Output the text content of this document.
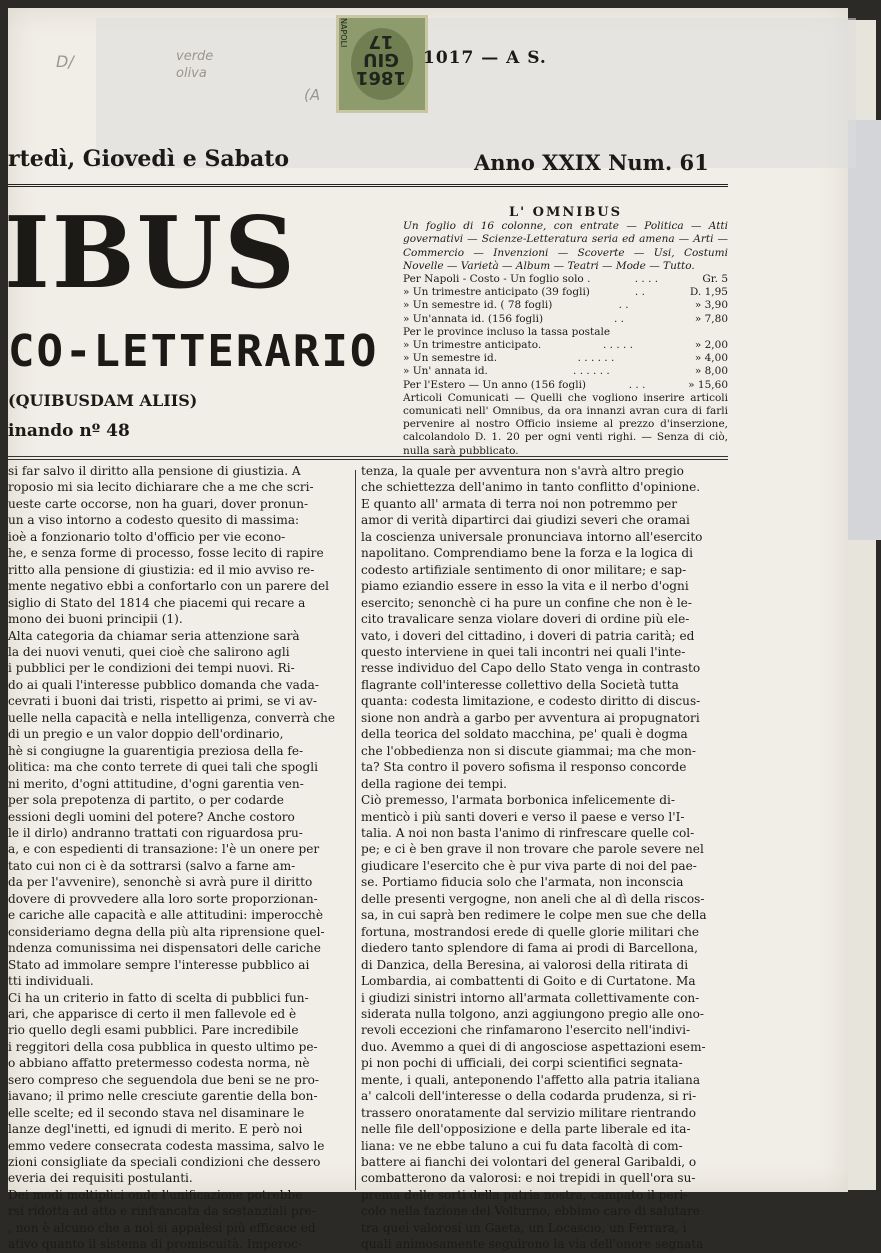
D/	verde oliva
(A
1861
GIU
17
NAPOLI
1017 — A S.
rtedì, Giovedì e Sabato	Anno XXIX Num. 61
IBUS
CO-LETTERARIO
(QUIBUSDAM ALIIS)
inando nº 48
L' OMNIBUS
Un foglio di 16 colonne, con entrate — Politica — Atti governativi — Scienze-Letteratura seria ed amena — Arti — Commercio — Invenzioni — Scoverte — Usi, Costumi Novelle — Varietà — Album — Teatri — Mode — Tutto.
Per Napoli - Costo - Un foglio solo .	. . . .	Gr. 5
» Un trimestre anticipato (39 fogli)	. .	D. 1,95
» Un semestre id. ( 78 fogli)	. .	» 3,90
» Un'annata id. (156 fogli)	. .	» 7,80
Per le province incluso la tassa postale
» Un trimestre anticipato.	. . . . .	» 2,00
» Un semestre id.	. . . . . .	» 4,00
» Un' annata id.	. . . . . .	» 8,00
Per l'Estero — Un anno (156 fogli)	. . .	» 15,60
Articoli Comunicati — Quelli che vogliono inserire articoli comunicati nell' Omnibus, da ora innanzi avran cura di farli pervenire al nostro Officio insieme al prezzo d'inserzione, calcolandolo D. 1. 20 per ogni venti righi. — Senza di ciò, nulla sarà pubblicato.
si far salvo il diritto alla pensione di giustizia. A
roposio mi sia lecito dichiarare che a me che scri-
ueste carte occorse, non ha guari, dover pronun-
un a viso intorno a codesto quesito di massima:
ioè a fonzionario tolto d'officio per vie econo-
he, e senza forme di processo, fosse lecito di rapire
ritto alla pensione di giustizia: ed il mio avviso re-
mente negativo ebbi a confortarlo con un parere del
siglio di Stato del 1814 che piacemi qui recare a
mono dei buoni principii (1).
Alta categoria da chiamar seria attenzione sarà
la dei nuovi venuti, quei cioè che salirono agli
i pubblici per le condizioni dei tempi nuovi. Ri-
do ai quali l'interesse pubblico domanda che vada-
cevrati i buoni dai tristi, rispetto ai primi, se vi av-
uelle nella capacità e nella intelligenza, converrà che
di un pregio e un valor doppio dell'ordinario,
hè si congiugne la guarentigia preziosa della fe-
olitica: ma che conto terrete di quei tali che spogli
ni merito, d'ogni attitudine, d'ogni garentia ven-
per sola prepotenza di partito, o per codarde
essioni degli uomini del potere? Anche costoro
le il dirlo) andranno trattati con riguardosa pru-
a, e con espedienti di transazione: l'è un onere per
tato cui non ci è da sottrarsi (salvo a farne am-
da per l'avvenire), senonchè si avrà pure il diritto
dovere di provvedere alla loro sorte proporzionan-
e cariche alle capacità e alle attitudini: imperocchè
consideriamo degna della più alta riprensione quel-
ndenza comunissima nei dispensatori delle cariche
Stato ad immolare sempre l'interesse pubblico ai
tti individuali.
Ci ha un criterio in fatto di scelta di pubblici fun-
ari, che apparisce di certo il men fallevole ed è
rio quello degli esami pubblici. Pare incredibile
i reggitori della cosa pubblica in questo ultimo pe-
o abbiano affatto pretermesso codesta norma, nè
sero compreso che seguendola due beni se ne pro-
iavano; il primo nelle cresciute garentie della bon-
elle scelte; ed il secondo stava nel disaminare le
lanze degl'inetti, ed ignudi di merito. E però noi
emmo vedere consecrata codesta massima, salvo le
zioni consigliate da speciali condizioni che dessero
everia dei requisiti postulanti.
Dei modi moltiplici onde l'unificazione potrebbe
rsi ridotta ad atto e rinfrancata da sostanziali pre-
, non è alcuno che a noi si appalesi più efficace ed
ativo quanto il sistema di promiscuità. Imperoc-
tenza, la quale per avventura non s'avrà altro pregio
che schiettezza dell'animo in tanto conflitto d'opinione.
E quanto all' armata di terra noi non potremmo per
amor di verità dipartirci dai giudizi severi che oramai
la coscienza universale pronunciava intorno all'esercito
napolitano. Comprendiamo bene la forza e la logica di
codesto artifiziale sentimento di onor militare; e sap-
piamo eziandio essere in esso la vita e il nerbo d'ogni
esercito; senonchè ci ha pure un confine che non è le-
cito travalicare senza violare doveri di ordine più ele-
vato, i doveri del cittadino, i doveri di patria carità; ed
questo interviene in quei tali incontri nei quali l'inte-
resse individuo del Capo dello Stato venga in contrasto
flagrante coll'interesse collettivo della Società tutta
quanta: codesta limitazione, e codesto diritto di discus-
sione non andrà a garbo per avventura ai propugnatori
della teorica del soldato macchina, pe' quali è dogma
che l'obbedienza non si discute giammai; ma che mon-
ta? Sta contro il povero sofisma il responso concorde
della ragione dei tempi.
Ciò premesso, l'armata borbonica infelicemente di-
menticò i più santi doveri e verso il paese e verso l'I-
talia. A noi non basta l'animo di rinfrescare quelle col-
pe; e ci è ben grave il non trovare che parole severe nel
giudicare l'esercito che è pur viva parte di noi del pae-
se. Portiamo fiducia solo che l'armata, non inconscia
delle presenti vergogne, non aneli che al dì della riscos-
sa, in cui saprà ben redimere le colpe men sue che della
fortuna, mostrandosi erede di quelle glorie militari che
diedero tanto splendore di fama ai prodi di Barcellona,
di Danzica, della Beresina, ai valorosi della ritirata di
Lombardia, ai combattenti di Goito e di Curtatone. Ma
i giudizi sinistri intorno all'armata collettivamente con-
siderata nulla tolgono, anzi aggiungono pregio alle ono-
revoli eccezioni che rinfamarono l'esercito nell'indivi-
duo. Avemmo a quei di di angosciose aspettazioni esem-
pi non pochi di ufficiali, dei corpi scientifici segnata-
mente, i quali, anteponendo l'affetto alla patria italiana
a' calcoli dell'interesse o della codarda prudenza, si ri-
trassero onoratamente dal servizio militare rientrando
nelle file dell'opposizione e della parte liberale ed ita-
liana: ve ne ebbe taluno a cui fu data facoltà di com-
battere ai fianchi dei volontari del general Garibaldi, o
combatterono da valorosi: e noi trepidi in quell'ora su-
prema delle sorti della patria nostra, campato il peri-
colo nella fazione del Volturno, ebbimo caro di salutare
tra quei valorosi un Gaeta, un Locascio, un Ferrara, i
quali animosamente seguirono la via dell'onore segnata
